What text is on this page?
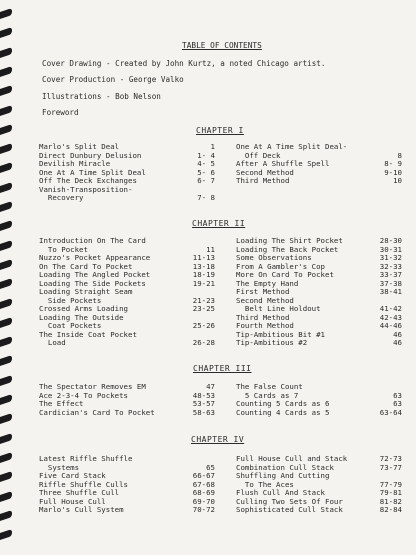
TABLE OF CONTENTS
Cover Drawing - Created by John Kurtz, a noted Chicago artist.
Cover Production - George Valko
Illustrations - Bob Nelson
Foreword
CHAPTER I
Marlo's Split Deal	1
Direct Dunbury Delusion	1- 4
Devilish Miracle	4- 5
One At A Time Split Deal	5- 6
Off The Deck Exchanges	6- 7
Vanish-Transposition-
Recovery	7- 8
One At A Time Split Deal-
Off Deck	8
After A Shuffle Spell	8- 9
Second Method	9-10
Third Method	10
CHAPTER II
Introduction On The Card
To Pocket	11
Nuzzo's Pocket Appearance	11-13
On The Card To Pocket	13-18
Loading The Angled Pocket	18-19
Loading The Side Pockets	19-21
Loading Straight Seam
Side Pockets	21-23
Crossed Arms Loading	23-25
Loading The Outside
Coat Pockets	25-26
The Inside Coat Pocket
Load	26-28
Loading The Shirt Pocket	28-30
Loading The Back Pocket	30-31
Some Observations	31-32
From A Gambler's Cop	32-33
More On Card To Pocket	33-37
The Empty Hand	37-38
First Method	38-41
Second Method
Belt Line Holdout	41-42
Third Method	42-43
Fourth Method	44-46
Tip-Ambitious Bit #1	46
Tip-Ambitious #2	46
CHAPTER III
The Spectator Removes EM	47
Ace 2-3-4 To Pockets	48-53
The Effect	53-57
Cardician's Card To Pocket	58-63
The False Count
5 Cards as 7	63
Counting 5 Cards as 6	63
Counting 4 Cards as 5	63-64
CHAPTER IV
Latest Riffle Shuffle
Systems	65
Five Card Stack	66-67
Riffle Shuffle Culls	67-68
Three Shuffle Cull	68-69
Full House Cull	69-70
Marlo's Cull System	70-72
Full House Cull and Stack	72-73
Combination Cull Stack	73-77
Shuffling And Cutting
To The Aces	77-79
Flush Cull And Stack	79-81
Culling Two Sets Of Four	81-82
Sophisticated Cull Stack	82-84
